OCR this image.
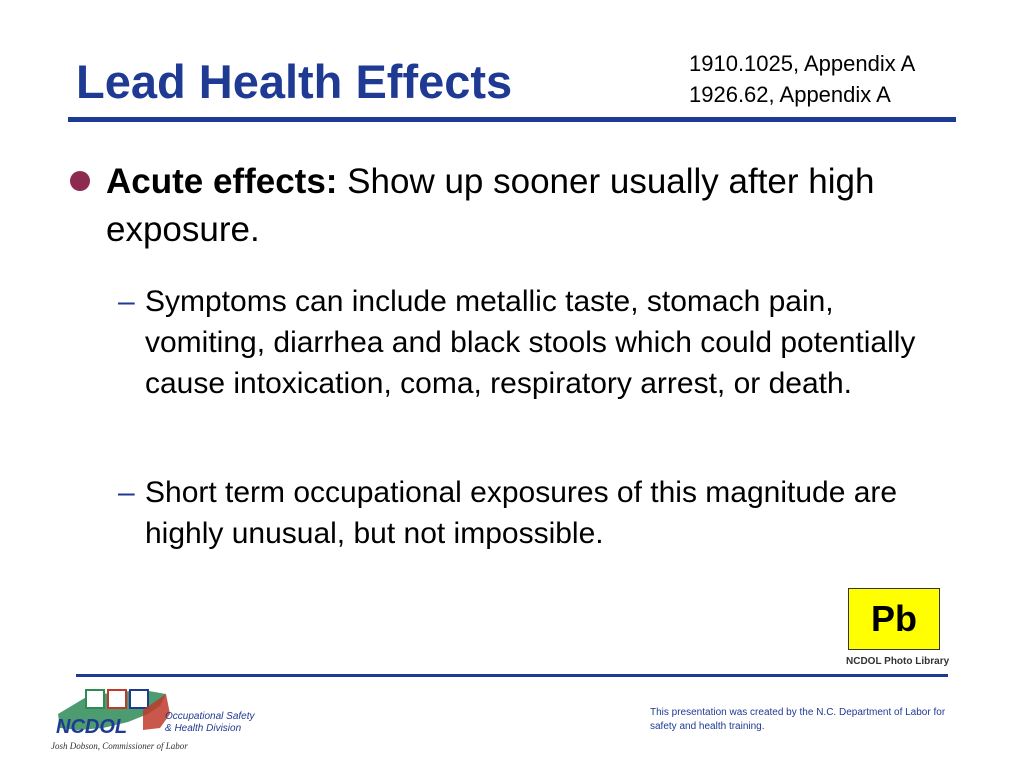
Lead Health Effects	1910.1025, Appendix A
1926.62, Appendix A
Acute effects: Show up sooner usually after high exposure.
– Symptoms can include metallic taste, stomach pain, vomiting, diarrhea and black stools which could potentially cause intoxication, coma, respiratory arrest, or death.
– Short term occupational exposures of this magnitude are highly unusual, but not impossible.
Pb
NCDOL Photo Library
NCDOL	Occupational Safety
& Health Division
Josh Dobson, Commissioner of Labor
This presentation was created by the N.C. Department of Labor for safety and health training.
